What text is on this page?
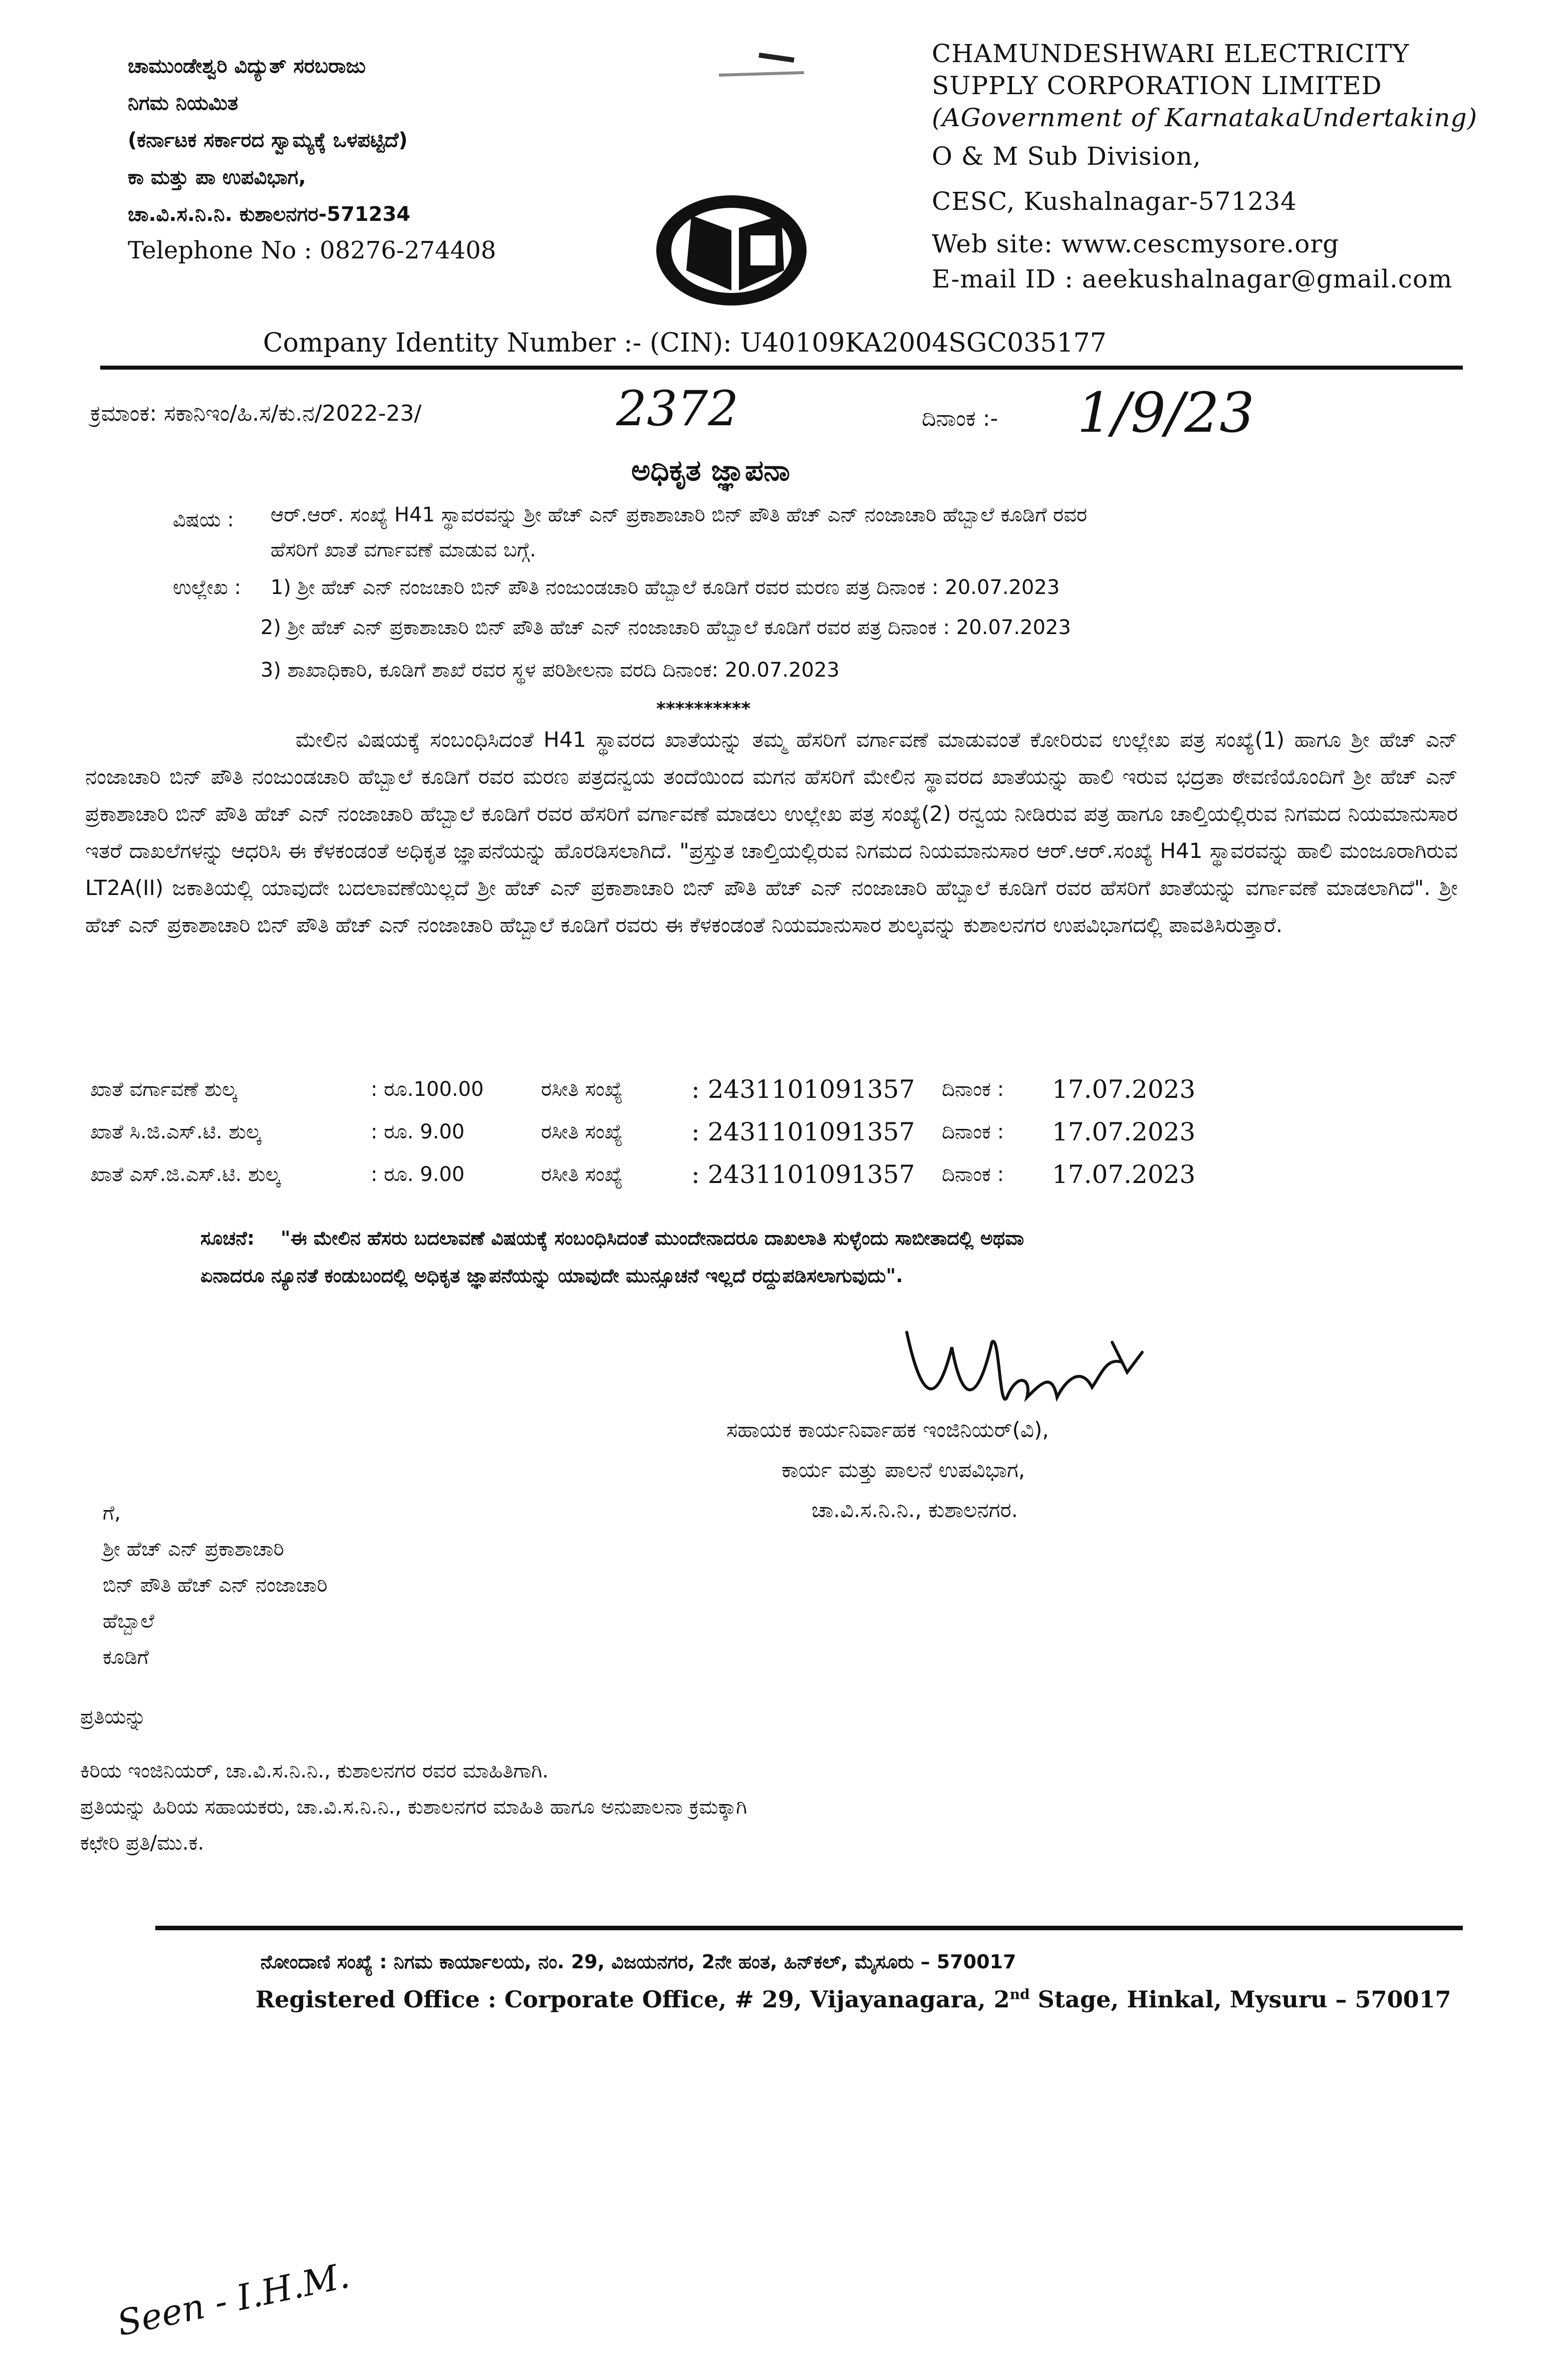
ಚಾಮುಂಡೇಶ್ವರಿ ವಿದ್ಯುತ್ ಸರಬರಾಜು
ನಿಗಮ ನಿಯಮಿತ
(ಕರ್ನಾಟಕ ಸರ್ಕಾರದ ಸ್ವಾಮ್ಯಕ್ಕೆ ಒಳಪಟ್ಟಿದೆ)
ಕಾ ಮತ್ತು ಪಾ ಉಪವಿಭಾಗ,
ಚಾ.ವಿ.ಸ.ನಿ.ನಿ. ಕುಶಾಲನಗರ-571234
Telephone No : 08276-274408
CHAMUNDESHWARI ELECTRICITY
SUPPLY CORPORATION LIMITED
(AGovernment of KarnatakaUndertaking)
O & M Sub Division,
CESC, Kushalnagar-571234
Web site: www.cescmysore.org
E-mail ID : aeekushalnagar@gmail.com
Company Identity Number :- (CIN): U40109KA2004SGC035177
ಕ್ರಮಾಂಕ: ಸಕಾನಿಇಂ/ಹಿ.ಸ/ಕು.ನ/2022-23/	2372	ದಿನಾಂಕ :- 1/9/23
ಅಧಿಕೃತ ಜ್ಞಾಪನಾ
ವಿಷಯ : ಆರ್.ಆರ್. ಸಂಖ್ಯೆ H41 ಸ್ಥಾವರವನ್ನು ಶ್ರೀ ಹೆಚ್ ಎನ್ ಪ್ರಕಾಶಾಚಾರಿ ಬಿನ್ ಪೌತಿ ಹೆಚ್ ಎನ್ ನಂಜಾಚಾರಿ ಹೆಬ್ಬಾಲೆ ಕೂಡಿಗೆ ರವರ
ಹೆಸರಿಗೆ ಖಾತೆ ವರ್ಗಾವಣೆ ಮಾಡುವ ಬಗ್ಗೆ.
ಉಲ್ಲೇಖ : 1) ಶ್ರೀ ಹೆಚ್ ಎನ್ ನಂಜಚಾರಿ ಬಿನ್ ಪೌತಿ ನಂಜುಂಡಚಾರಿ ಹೆಬ್ಬಾಲೆ ಕೂಡಿಗೆ ರವರ ಮರಣ ಪತ್ರ ದಿನಾಂಕ : 20.07.2023
2) ಶ್ರೀ ಹೆಚ್ ಎನ್ ಪ್ರಕಾಶಾಚಾರಿ ಬಿನ್ ಪೌತಿ ಹೆಚ್ ಎನ್ ನಂಜಾಚಾರಿ ಹೆಬ್ಬಾಲೆ ಕೂಡಿಗೆ ರವರ ಪತ್ರ ದಿನಾಂಕ : 20.07.2023
3) ಶಾಖಾಧಿಕಾರಿ, ಕೂಡಿಗೆ ಶಾಖೆ ರವರ ಸ್ಥಳ ಪರಿಶೀಲನಾ ವರದಿ ದಿನಾಂಕ: 20.07.2023
**********
ಮೇಲಿನ ವಿಷಯಕ್ಕೆ ಸಂಬಂಧಿಸಿದಂತೆ H41 ಸ್ಥಾವರದ ಖಾತೆಯನ್ನು ತಮ್ಮ ಹೆಸರಿಗೆ ವರ್ಗಾವಣೆ ಮಾಡುವಂತೆ ಕೋರಿರುವ ಉಲ್ಲೇಖ ಪತ್ರ ಸಂಖ್ಯೆ(1) ಹಾಗೂ ಶ್ರೀ ಹೆಚ್ ಎನ್ ನಂಜಾಚಾರಿ ಬಿನ್ ಪೌತಿ ನಂಜುಂಡಚಾರಿ ಹೆಬ್ಬಾಲೆ ಕೂಡಿಗೆ ರವರ ಮರಣ ಪತ್ರದನ್ವಯ ತಂದೆಯಿಂದ ಮಗನ ಹೆಸರಿಗೆ ಮೇಲಿನ ಸ್ಥಾವರದ ಖಾತೆಯನ್ನು ಹಾಲಿ ಇರುವ ಭದ್ರತಾ ಠೇವಣಿಯೊಂದಿಗೆ ಶ್ರೀ ಹೆಚ್ ಎನ್ ಪ್ರಕಾಶಾಚಾರಿ ಬಿನ್ ಪೌತಿ ಹೆಚ್ ಎನ್ ನಂಜಾಚಾರಿ ಹೆಬ್ಬಾಲೆ ಕೂಡಿಗೆ ರವರ ಹೆಸರಿಗೆ ವರ್ಗಾವಣೆ ಮಾಡಲು ಉಲ್ಲೇಖ ಪತ್ರ ಸಂಖ್ಯೆ(2) ರನ್ವಯ ನೀಡಿರುವ ಪತ್ರ ಹಾಗೂ ಚಾಲ್ತಿಯಲ್ಲಿರುವ ನಿಗಮದ ನಿಯಮಾನುಸಾರ ಇತರೆ ದಾಖಲೆಗಳನ್ನು ಆಧರಿಸಿ ಈ ಕೆಳಕಂಡಂತೆ ಅಧಿಕೃತ ಜ್ಞಾಪನೆಯನ್ನು ಹೊರಡಿಸಲಾಗಿದೆ. "ಪ್ರಸ್ತುತ ಚಾಲ್ತಿಯಲ್ಲಿರುವ ನಿಗಮದ ನಿಯಮಾನುಸಾರ ಆರ್.ಆರ್.ಸಂಖ್ಯೆ H41 ಸ್ಥಾವರವನ್ನು ಹಾಲಿ ಮಂಜೂರಾಗಿರುವ LT2A(II) ಜಕಾತಿಯಲ್ಲಿ ಯಾವುದೇ ಬದಲಾವಣೆಯಿಲ್ಲದೆ ಶ್ರೀ ಹೆಚ್ ಎನ್ ಪ್ರಕಾಶಾಚಾರಿ ಬಿನ್ ಪೌತಿ ಹೆಚ್ ಎನ್ ನಂಜಾಚಾರಿ ಹೆಬ್ಬಾಲೆ ಕೂಡಿಗೆ ರವರ ಹೆಸರಿಗೆ ಖಾತೆಯನ್ನು ವರ್ಗಾವಣೆ ಮಾಡಲಾಗಿದೆ". ಶ್ರೀ ಹೆಚ್ ಎನ್ ಪ್ರಕಾಶಾಚಾರಿ ಬಿನ್ ಪೌತಿ ಹೆಚ್ ಎನ್ ನಂಜಾಚಾರಿ ಹೆಬ್ಬಾಲೆ ಕೂಡಿಗೆ ರವರು ಈ ಕೆಳಕಂಡಂತೆ ನಿಯಮಾನುಸಾರ ಶುಲ್ಕವನ್ನು ಕುಶಾಲನಗರ ಉಪವಿಭಾಗದಲ್ಲಿ ಪಾವತಿಸಿರುತ್ತಾರೆ.
ಖಾತೆ ವರ್ಗಾವಣೆ ಶುಲ್ಕ	: ರೂ.100.00	ರಸೀತಿ ಸಂಖ್ಯೆ	: 2431101091357	ದಿನಾಂಕ :	17.07.2023
ಖಾತೆ ಸಿ.ಜಿ.ಎಸ್.ಟಿ. ಶುಲ್ಕ	: ರೂ. 9.00	ರಸೀತಿ ಸಂಖ್ಯೆ	: 2431101091357	ದಿನಾಂಕ :	17.07.2023
ಖಾತೆ ಎಸ್.ಜಿ.ಎಸ್.ಟಿ. ಶುಲ್ಕ	: ರೂ. 9.00	ರಸೀತಿ ಸಂಖ್ಯೆ	: 2431101091357	ದಿನಾಂಕ :	17.07.2023
ಸೂಚನೆ: "ಈ ಮೇಲಿನ ಹೆಸರು ಬದಲಾವಣೆ ವಿಷಯಕ್ಕೆ ಸಂಬಂಧಿಸಿದಂತೆ ಮುಂದೇನಾದರೂ ದಾಖಲಾತಿ ಸುಳ್ಳೆಂದು ಸಾಬೀತಾದಲ್ಲಿ ಅಥವಾ
ಏನಾದರೂ ನ್ಯೂನತೆ ಕಂಡುಬಂದಲ್ಲಿ ಅಧಿಕೃತ ಜ್ಞಾಪನೆಯನ್ನು ಯಾವುದೇ ಮುನ್ಸೂಚನೆ ಇಲ್ಲದೆ ರದ್ದುಪಡಿಸಲಾಗುವುದು".
ಸಹಾಯಕ ಕಾರ್ಯನಿರ್ವಾಹಕ ಇಂಜಿನಿಯರ್(ವಿ),
ಕಾರ್ಯ ಮತ್ತು ಪಾಲನೆ ಉಪವಿಭಾಗ,
ಚಾ.ವಿ.ಸ.ನಿ.ನಿ., ಕುಶಾಲನಗರ.
ಗೆ,
ಶ್ರೀ ಹೆಚ್ ಎನ್ ಪ್ರಕಾಶಾಚಾರಿ
ಬಿನ್ ಪೌತಿ ಹೆಚ್ ಎನ್ ನಂಜಾಚಾರಿ
ಹೆಬ್ಬಾಲೆ
ಕೂಡಿಗೆ
ಪ್ರತಿಯನ್ನು
ಕಿರಿಯ ಇಂಜಿನಿಯರ್, ಚಾ.ವಿ.ಸ.ನಿ.ನಿ., ಕುಶಾಲನಗರ ರವರ ಮಾಹಿತಿಗಾಗಿ.
ಪ್ರತಿಯನ್ನು ಹಿರಿಯ ಸಹಾಯಕರು, ಚಾ.ವಿ.ಸ.ನಿ.ನಿ., ಕುಶಾಲನಗರ ಮಾಹಿತಿ ಹಾಗೂ ಅನುಪಾಲನಾ ಕ್ರಮಕ್ಕಾಗಿ
ಕಛೇರಿ ಪ್ರತಿ/ಮು.ಕ.
ನೋಂದಾಣಿ ಸಂಖ್ಯೆ : ನಿಗಮ ಕಾರ್ಯಾಲಯ, ನಂ. 29, ವಿಜಯನಗರ, 2ನೇ ಹಂತ, ಹಿನ್‌ಕಲ್, ಮೈಸೂರು – 570017
Registered Office : Corporate Office, # 29, Vijayanagara, 2nd Stage, Hinkal, Mysuru – 570017
Seen - I.H.M.
